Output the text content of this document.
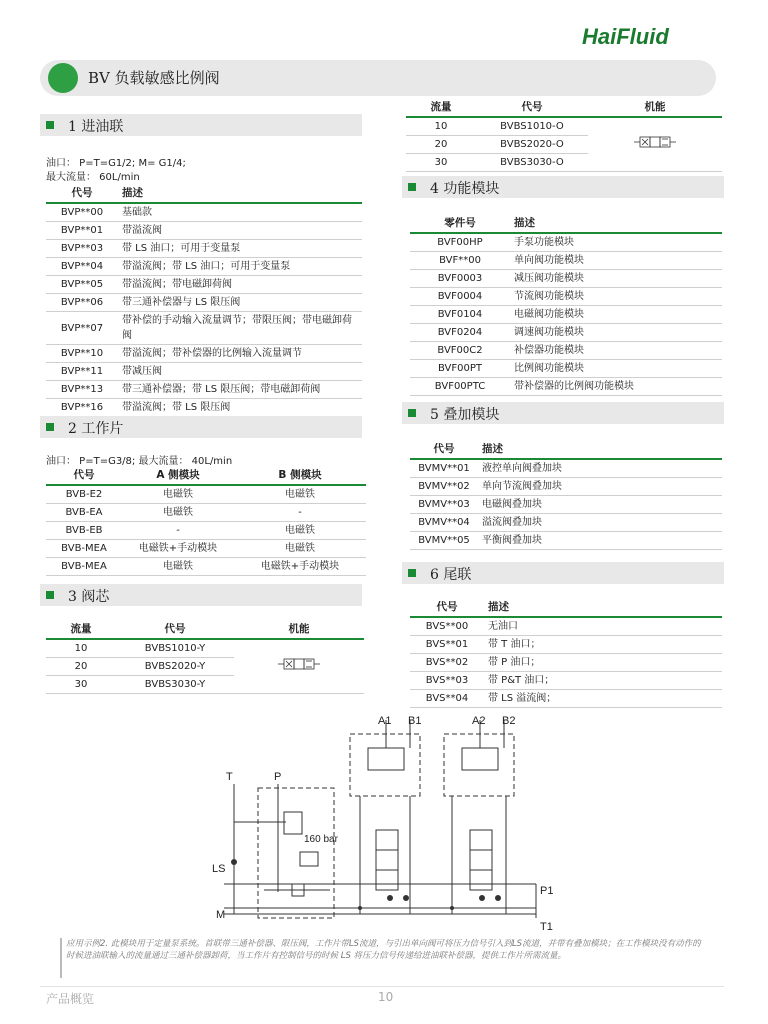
HaiFluid
BV 负载敏感比例阀
1 进油联
油口： P=T=G1/2; M= G1/4;
最大流量： 60L/min
代号	描述
BVP**00	基础款
BVP**01	带溢流阀
BVP**03	带 LS 油口；可用于变量泵
BVP**04	带溢流阀；带 LS 油口；可用于变量泵
BVP**05	带溢流阀；带电磁卸荷阀
BVP**06	带三通补偿器与 LS 限压阀
BVP**07	带补偿的手动输入流量调节；带限压阀；带电磁卸荷阀
BVP**10	带溢流阀；带补偿器的比例输入流量调节
BVP**11	带减压阀
BVP**13	带三通补偿器；带 LS 限压阀；带电磁卸荷阀
BVP**16	带溢流阀；带 LS 限压阀
2 工作片
油口： P=T=G3/8; 最大流量： 40L/min
代号	A 侧模块	B 侧模块
BVB-E2	电磁铁	电磁铁
BVB-EA	电磁铁	-
BVB-EB	-	电磁铁
BVB-MEA	电磁铁+手动模块	电磁铁
BVB-MEA	电磁铁	电磁铁+手动模块
3 阀芯
流量	代号	机能
10	BVBS1010-Y	
20	BVBS2020-Y	
30	BVBS3030-Y	
流量	代号	机能
10	BVBS1010-O	
20	BVBS2020-O	
30	BVBS3030-O	
4 功能模块
零件号	描述
BVF00HP	手泵功能模块
BVF**00	单向阀功能模块
BVF0003	减压阀功能模块
BVF0004	节流阀功能模块
BVF0104	电磁阀功能模块
BVF0204	调速阀功能模块
BVF00C2	补偿器功能模块
BVF00PT	比例阀功能模块
BVF00PTC	带补偿器的比例阀功能模块
5 叠加模块
代号	描述
BVMV**01	液控单向阀叠加块
BVMV**02	单向节流阀叠加块
BVMV**03	电磁阀叠加块
BVMV**04	溢流阀叠加块
BVMV**05	平衡阀叠加块
6 尾联
代号	描述
BVS**00	无油口
BVS**01	带 T 油口；
BVS**02	带 P 油口；
BVS**03	带 P&T 油口；
BVS**04	带 LS 溢流阀；
A1 B1	A2 B2
T	P
LS
M
P1
T1
160 bar
应用示例2. 此模块用于定量泵系统。首联带三通补偿器、限压阀，工作片带LS流道，与引出单向阀可将压力信号引入到LS流道，并带有叠加模块；在工作模块没有动作的时候进油联输入的流量通过三通补偿器卸荷，当工作片有控制信号的时候 LS 将压力信号传递给进油联补偿器，提供工作片所需流量。
产品概览	10
